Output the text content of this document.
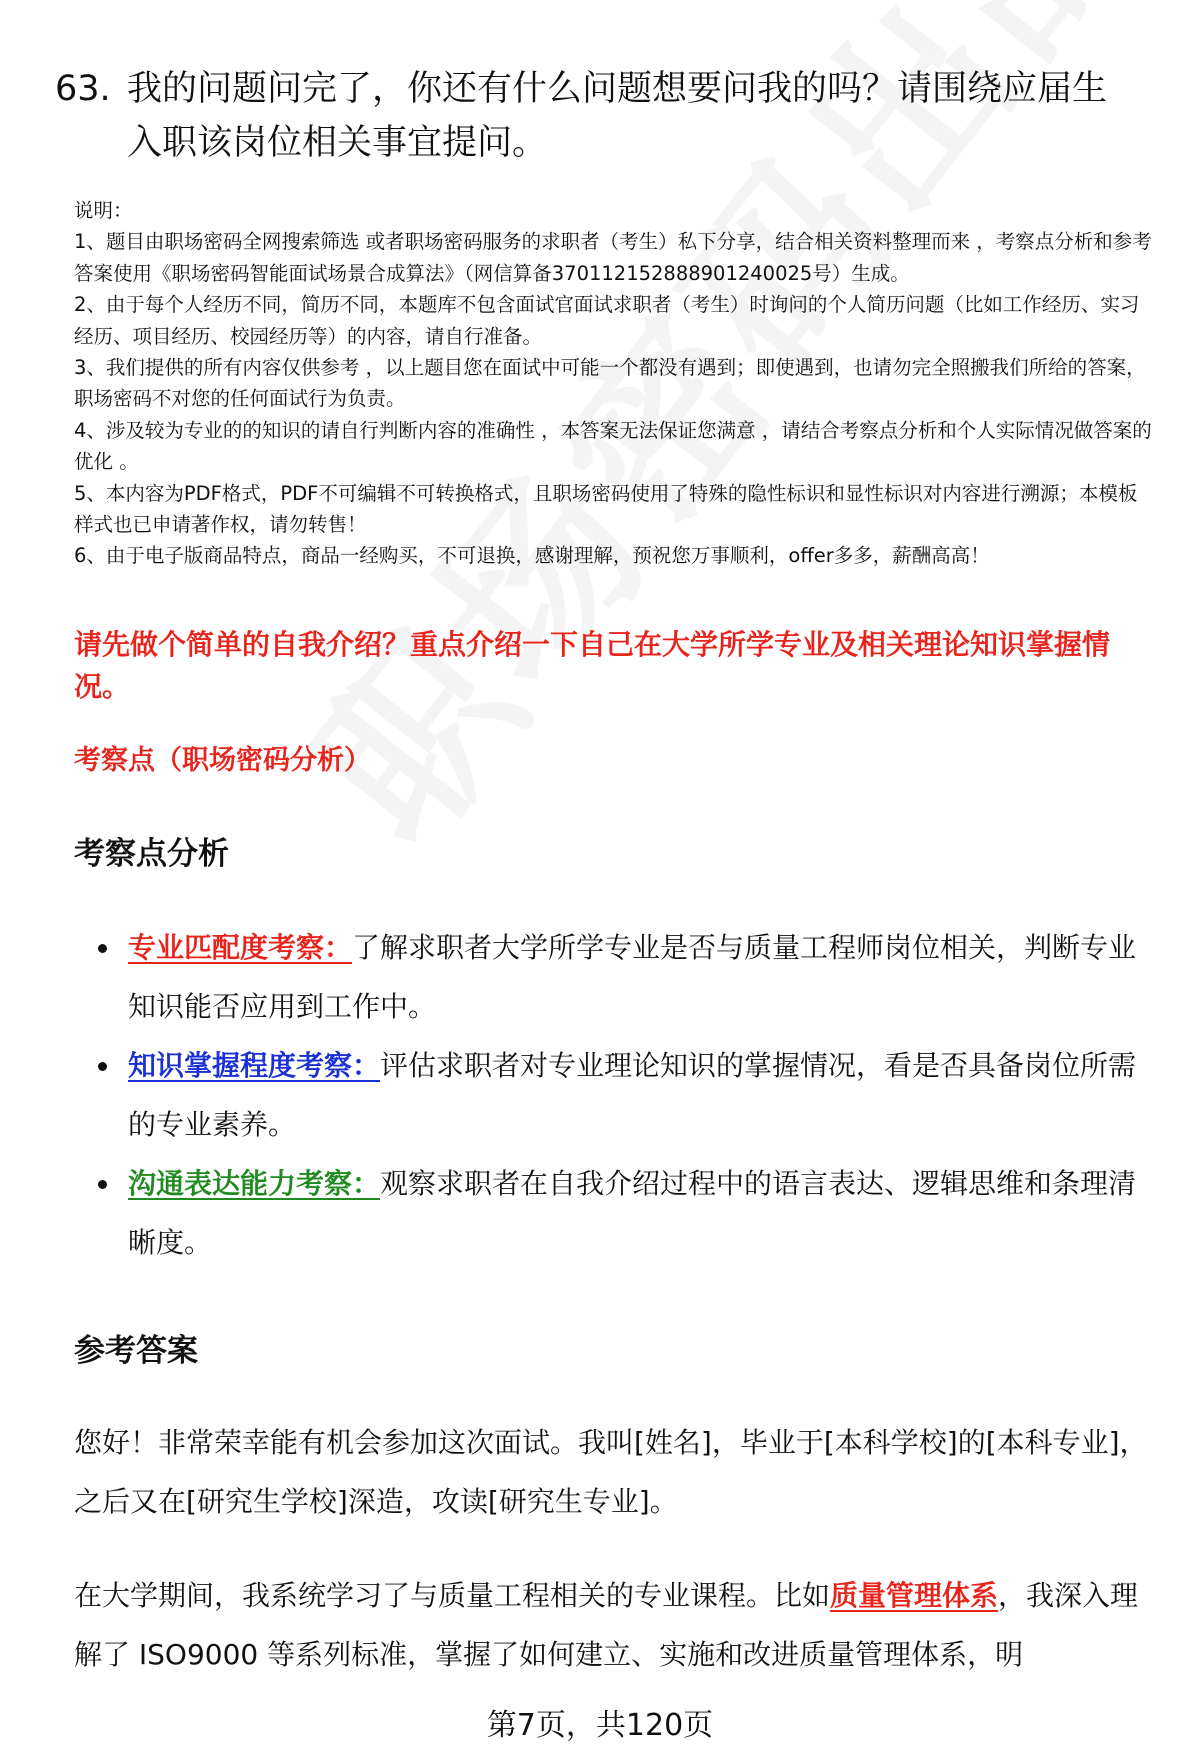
63. 我的问题问完了，你还有什么问题想要问我的吗？请围绕应届生
入职该岗位相关事宜提问。

说明：

1、题目由职场密码全网搜索筛选 或者职场密码服务的求职者（考生）私下分享，结合相关资料整理而来 ，考察点分析和参考答案使用《职场密码智能面试场景合成算法》（网信算备370112152888901240025号）生成。

2、由于每个人经历不同，简历不同，本题库不包含面试官面试求职者（考生）时询问的个人简历问题（比如工作经历、实习经历、项目经历、校园经历等）的内容，请自行准备。

3、我们提供的所有内容仅供参考 ，以上题目您在面试中可能一个都没有遇到；即使遇到，也请勿完全照搬我们所给的答案，职场密码不对您的任何面试行为负责。

4、涉及较为专业的的知识的请自行判断内容的准确性 ，本答案无法保证您满意 ，请结合考察点分析和个人实际情况做答案的优化 。

5、本内容为PDF格式，PDF不可编辑不可转换格式，且职场密码使用了特殊的隐性标识和显性标识对内容进行溯源；本模板样式也已申请著作权，请勿转售！

6、由于电子版商品特点，商品一经购买，不可退换，感谢理解，预祝您万事顺利，offer多多，薪酬高高！

请先做个简单的自我介绍？重点介绍一下自己在大学所学专业及相关理论知识掌握情况。
考察点（职场密码分析）
考察点分析
专业匹配度考察：了解求职者大学所学专业是否与质量工程师岗位相关，判断专业知识能否应用到工作中。
知识掌握程度考察：评估求职者对专业理论知识的掌握情况，看是否具备岗位所需的专业素养。
沟通表达能力考察：观察求职者在自我介绍过程中的语言表达、逻辑思维和条理清晰度。
参考答案

您好！非常荣幸能有机会参加这次面试。我叫[姓名]，毕业于[本科学校]的[本科专业]，之后又在[研究生学校]深造，攻读[研究生专业]。

在大学期间，我系统学习了与质量工程相关的专业课程。比如质量管理体系，我深入理解了 ISO9000 等系列标准，掌握了如何建立、实施和改进质量管理体系，明

第7页，共120页
